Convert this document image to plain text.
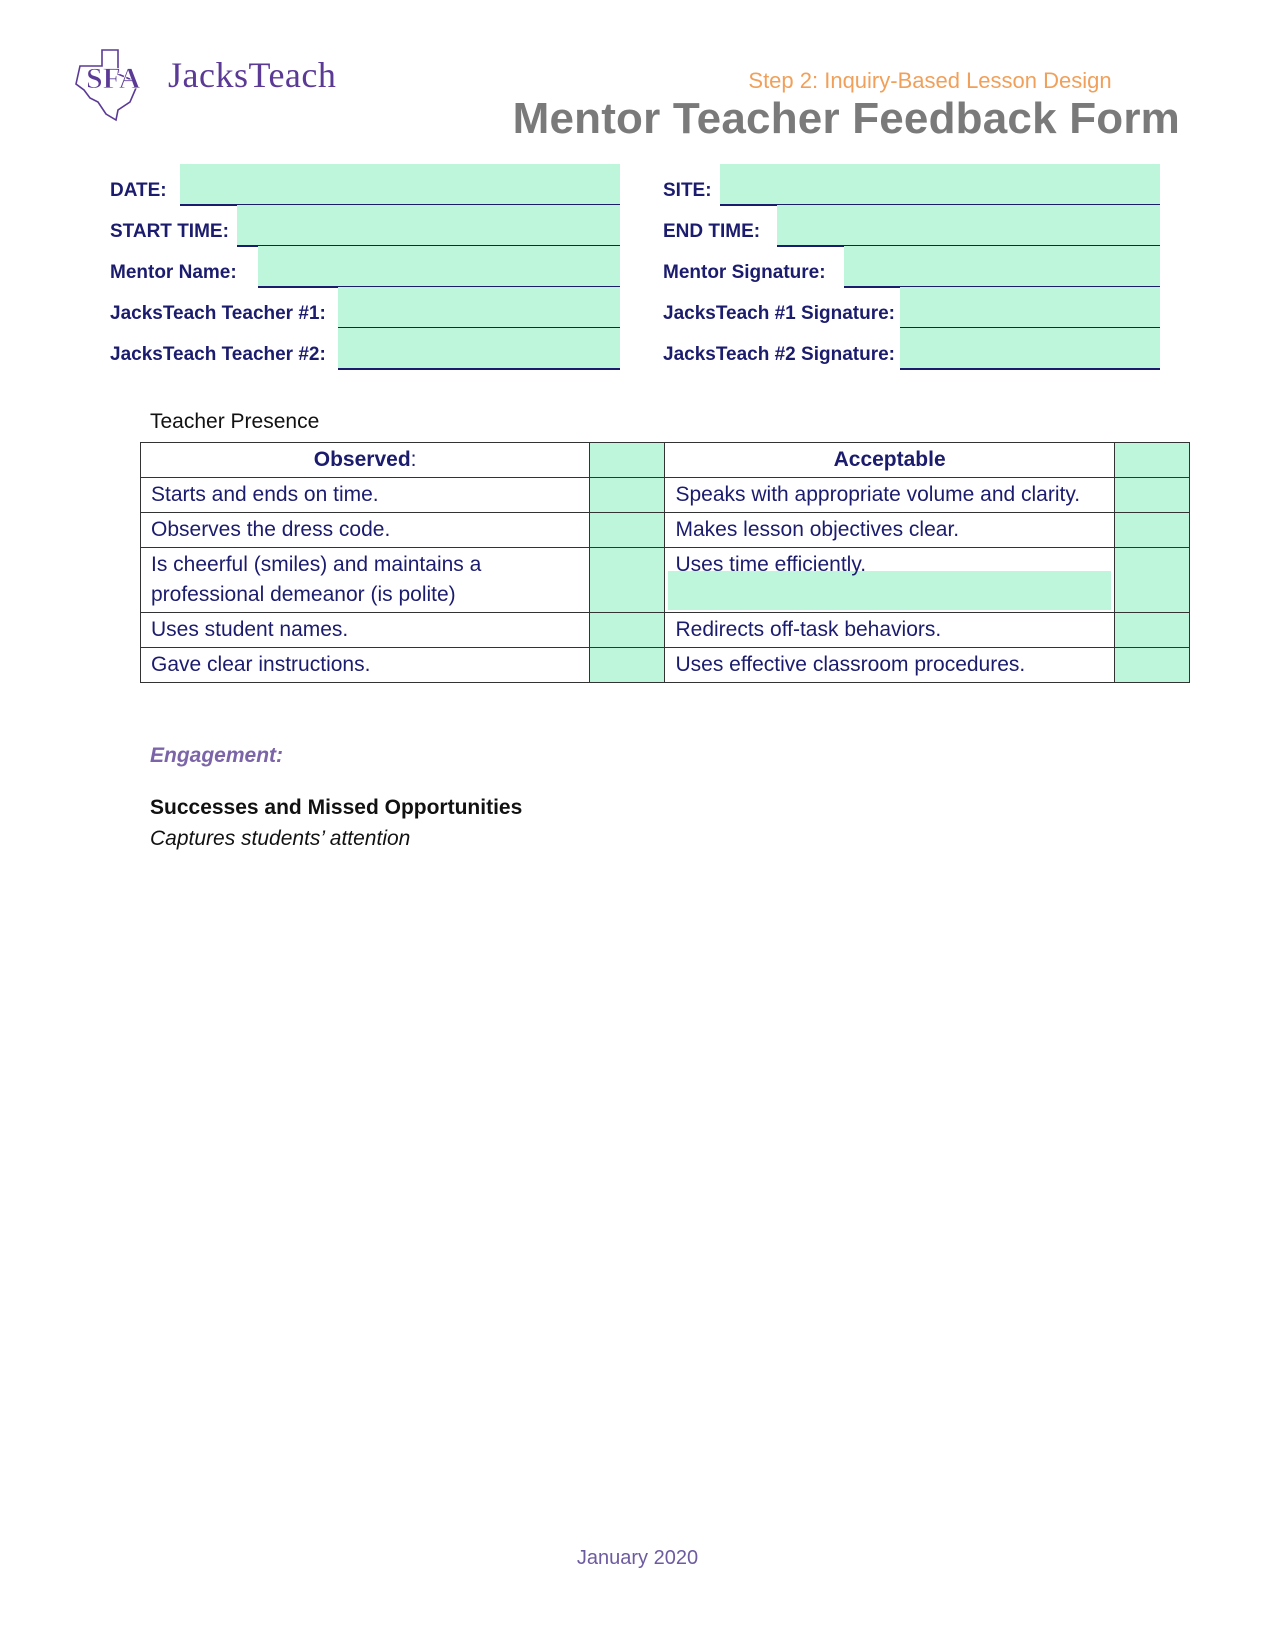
SFA JacksTeach	Step 2: Inquiry-Based Lesson Design
Mentor Teacher Feedback Form
DATE:
START TIME:
Mentor Name:
JacksTeach Teacher #1:
JacksTeach Teacher #2:
SITE:
END TIME:
Mentor Signature:
JacksTeach #1 Signature:
JacksTeach #2 Signature:
Teacher Presence
Observed:		Acceptable	
Starts and ends on time.		Speaks with appropriate volume and clarity.	
Observes the dress code.		Makes lesson objectives clear.	
Is cheerful (smiles) and maintains a professional demeanor (is polite)		Uses time efficiently.	
Uses student names.		Redirects off-task behaviors.	
Gave clear instructions.		Uses effective classroom procedures.	
Engagement:
Successes and Missed Opportunities
Captures students’ attention
January 2020
